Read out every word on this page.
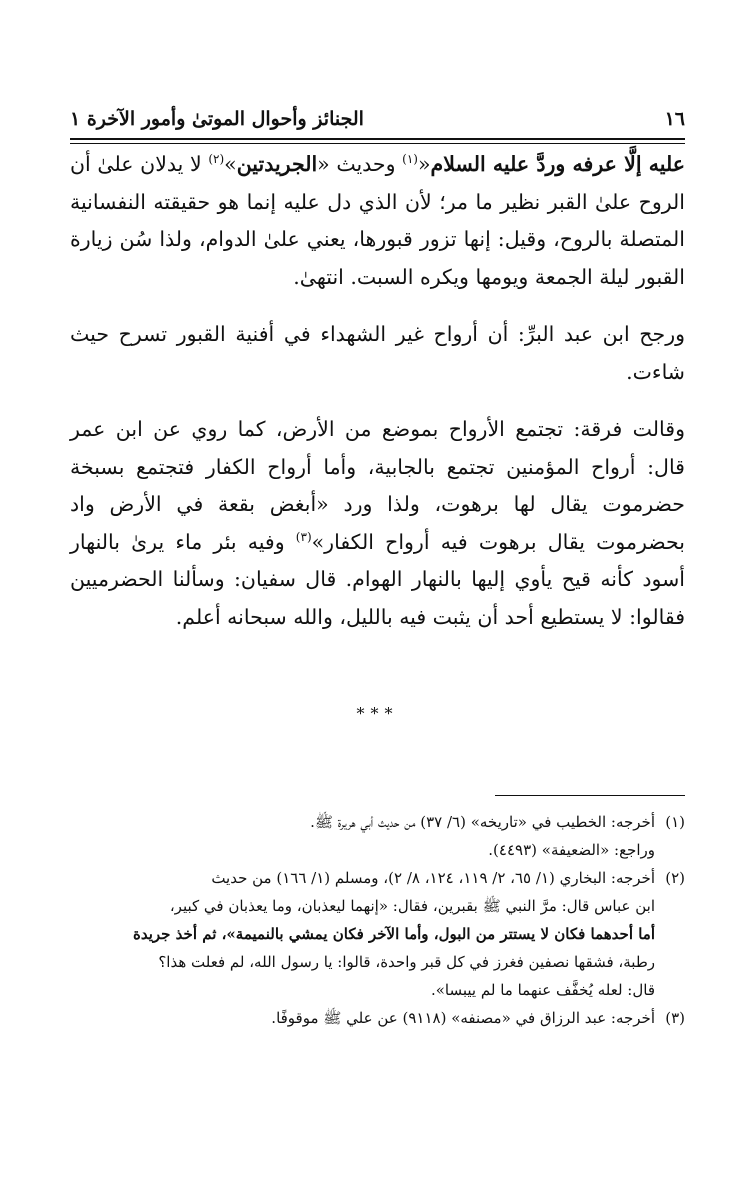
١٦
الجنائز وأحوال الموتىٰ وأمور الآخرة ١

عليه إلَّا عرفه وردَّ عليه السلام«$^{(١)}$ وحديث «الجريدتين»$^{(٢)}$ لا يدلان علىٰ أن الروح علىٰ القبر نظير ما مر؛ لأن الذي دل عليه إنما هو حقيقته النفسانية المتصلة بالروح، وقيل: إنها تزور قبورها، يعني علىٰ الدوام، ولذا سُن زيارة القبور ليلة الجمعة ويومها ويكره السبت. انتهىٰ.

ورجح ابن عبد البرِّ: أن أرواح غير الشهداء في أفنية القبور تسرح حيث شاءت.

وقالت فرقة: تجتمع الأرواح بموضع من الأرض، كما روي عن ابن عمر قال: أرواح المؤمنين تجتمع بالجابية، وأما أرواح الكفار فتجتمع بسبخة حضرموت يقال لها برهوت، ولذا ورد «أبغض بقعة في الأرض واد بحضرموت يقال برهوت فيه أرواح الكفار»$^{(٣)}$ وفيه بئر ماء يرىٰ بالنهار أسود كأنه قيح يأوي إليها بالنهار الهوام. قال سفيان: وسألنا الحضرميين فقالوا: لا يستطيع أحد أن يثبت فيه بالليل، والله سبحانه أعلم.

***
(١)
أخرجه: الخطيب في «تاريخه» (٦/ ٣٧) من حديث أبي هريرة ﷺ.
وراجع: «الضعيفة» (٤٤٩٣).
(٢)
أخرجه: البخاري (١/ ٦٥، ٢/ ١١٩، ١٢٤، ٨/ ٢)، ومسلم (١/ ١٦٦) من حديث
ابن عباس قال: مرَّ النبي ﷺ بقبرين، فقال: «إنهما ليعذبان، وما يعذبان في كبير،
أما أحدهما فكان لا يستتر من البول، وأما الآخر فكان يمشي بالنميمة»، ثم أخذ جريدة
رطبة، فشقها نصفين فغرز في كل قبر واحدة، قالوا: يا رسول الله، لم فعلت هذا؟
قال: لعله يُخفَّف عنهما ما لم ييبسا».
(٣)
أخرجه: عبد الرزاق في «مصنفه» (٩١١٨) عن علي ﷺ موقوفًا.
